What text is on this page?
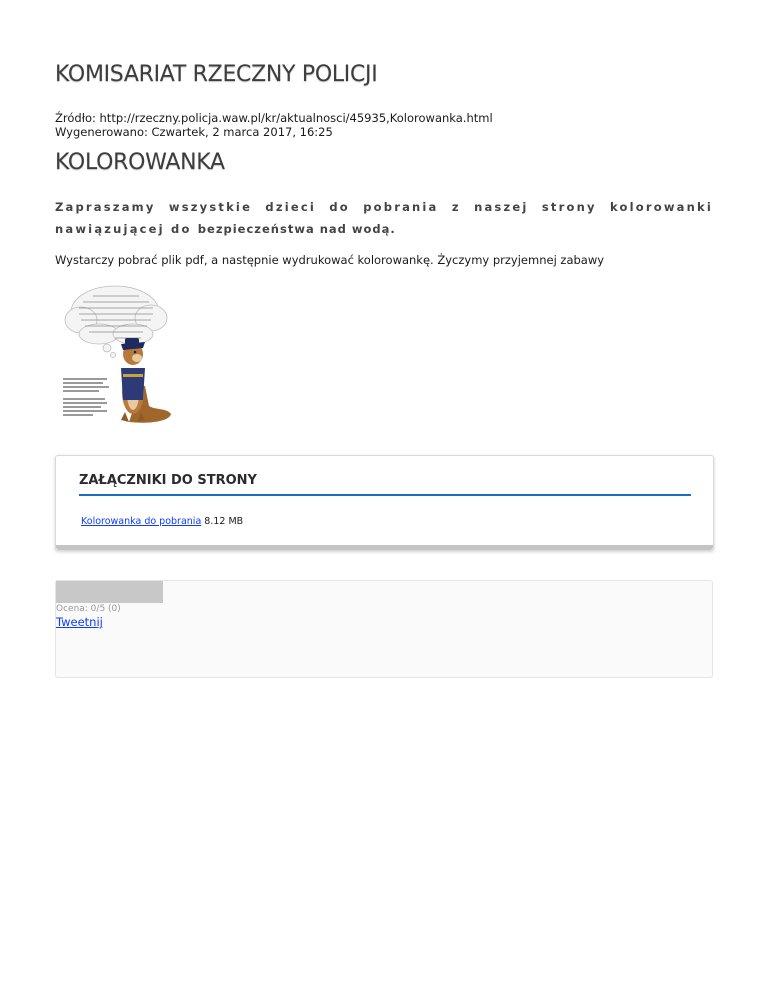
KOMISARIAT RZECZNY POLICJI
Źródło: http://rzeczny.policja.waw.pl/kr/aktualnosci/45935,Kolorowanka.html
Wygenerowano: Czwartek, 2 marca 2017, 16:25
KOLOROWANKA

Zapraszamy wszystkie dzieci do pobrania z naszej strony kolorowanki nawiązującej do bezpieczeństwa nad wodą.

Wystarczy pobrać plik pdf, a następnie wydrukować kolorowankę. Życzymy przyjemnej zabawy

ZAŁĄCZNIKI DO STRONY
Kolorowanka do pobrania 8.12 MB
Ocena: 0/5 (0)
Tweetnij
